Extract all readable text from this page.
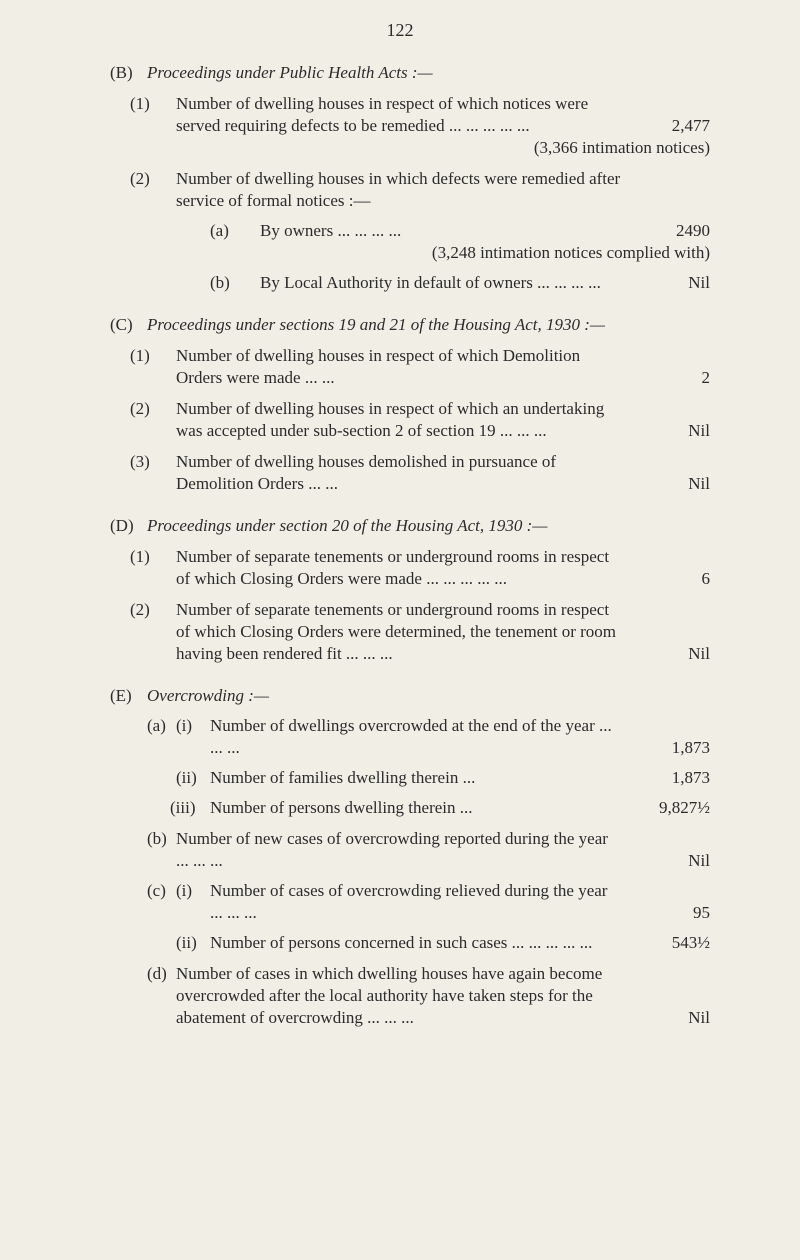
122
(B) Proceedings under Public Health Acts :—
(1) Number of dwelling houses in respect of which notices were served requiring defects to be remedied ... ... ... ... ...	2,477
(3,366 intimation notices)
(2) Number of dwelling houses in which defects were remedied after service of formal notices :—
(a) By owners ... ... ... ...	2490
(3,248 intimation notices complied with)
(b) By Local Authority in default of owners ... ... ... ...	Nil
(C) Proceedings under sections 19 and 21 of the Housing Act, 1930 :—
(1) Number of dwelling houses in respect of which Demolition Orders were made ... ...	2
(2) Number of dwelling houses in respect of which an undertaking was accepted under sub-section 2 of section 19 ... ... ...	Nil
(3) Number of dwelling houses demolished in pursuance of Demolition Orders ... ...	Nil
(D) Proceedings under section 20 of the Housing Act, 1930 :—
(1) Number of separate tenements or underground rooms in respect of which Closing Orders were made ... ... ... ... ...	6
(2) Number of separate tenements or underground rooms in respect of which Closing Orders were determined, the tenement or room having been rendered fit ... ... ...	Nil
(E) Overcrowding :—
(a) (i) Number of dwellings overcrowded at the end of the year ... ... ...	1,873
(ii) Number of families dwelling therein ...	1,873
(iii) Number of persons dwelling therein ...	9,827½
(b) Number of new cases of overcrowding reported during the year ... ... ...	Nil
(c) (i) Number of cases of overcrowding relieved during the year ... ... ...	95
(ii) Number of persons concerned in such cases ... ... ... ... ...	543½
(d) Number of cases in which dwelling houses have again become overcrowded after the local authority have taken steps for the abatement of overcrowding ... ... ...	Nil
